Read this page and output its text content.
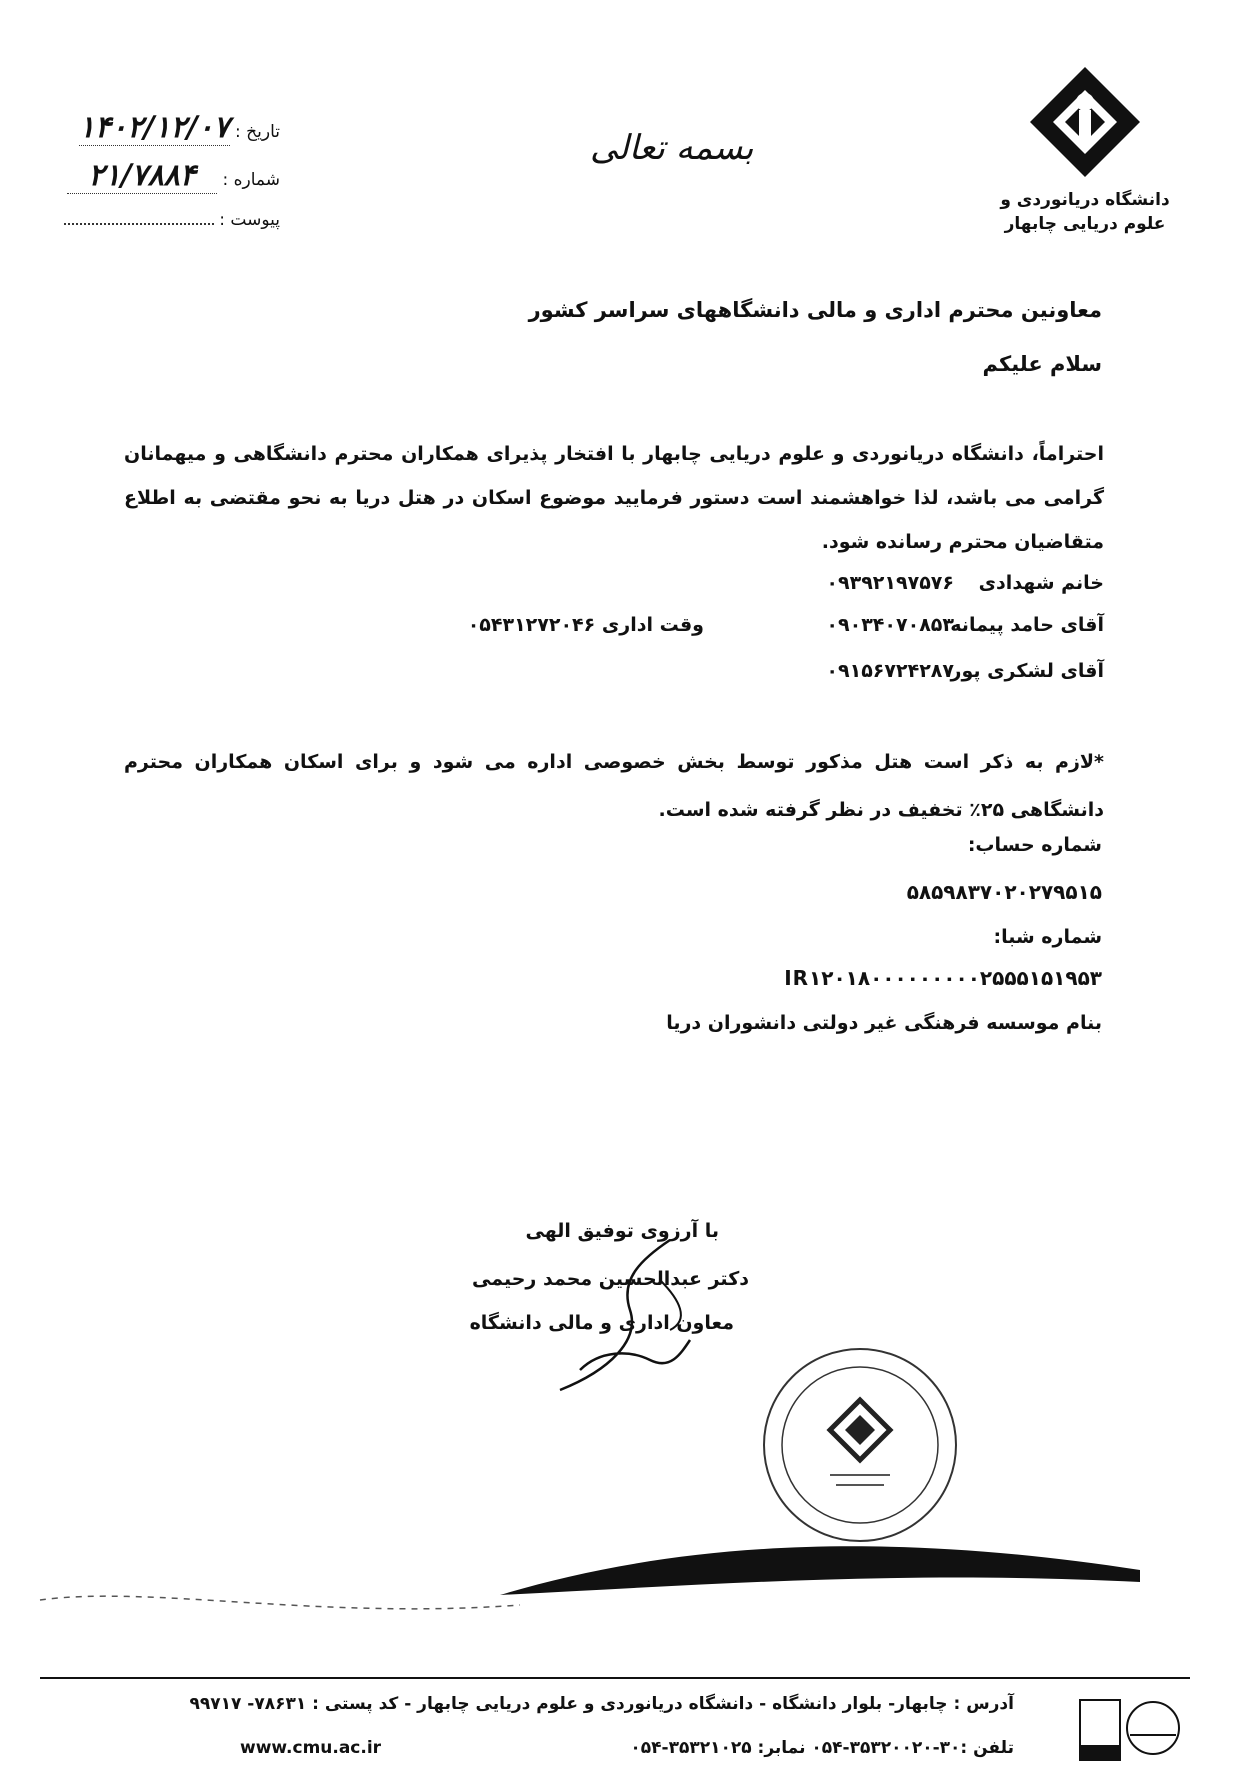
دانشگاه دریانوردی و
علوم دریایی چابهار
بسمه تعالی
تاریخ : ۱۴۰۲/۱۲/۰۷
شماره : ۲۱/۷۸۸۴
پیوست :
معاونین محترم اداری و مالی دانشگاههای سراسر کشور
سلام علیکم
احتراماً، دانشگاه دریانوردی و علوم دریایی چابهار با افتخار پذیرای همکاران محترم دانشگاهی و میهمانان گرامی می باشد، لذا خواهشمند است دستور فرمایید موضوع اسکان در هتل دریا به نحو مقتضی به اطلاع متقاضیان محترم رسانده شود.
خانم شهدادی
۰۹۳۹۲۱۹۷۵۷۶
آقای حامد پیمانه
۰۹۰۳۴۰۷۰۸۵۳
وقت اداری ۰۵۴۳۱۲۷۲۰۴۶
آقای لشکری پور
۰۹۱۵۶۷۲۴۲۸۷
*لازم به ذکر است هتل مذکور توسط بخش خصوصی اداره می شود و برای اسکان همکاران محترم دانشگاهی ۲۵٪ تخفیف در نظر گرفته شده است.
شماره حساب:
۵۸۵۹۸۳۷۰۲۰۲۷۹۵۱۵
شماره شبا:
IR۱۲۰۱۸۰۰۰۰۰۰۰۰۰۲۵۵۵۱۵۱۹۵۳
بنام موسسه فرهنگی غیر دولتی دانشوران دریا
با آرزوی توفیق الهی
دکتر عبدالحسین محمد رحیمی
معاون اداری و مالی دانشگاه
آدرس : چابهار- بلوار دانشگاه - دانشگاه دریانوردی و علوم دریایی چابهار - کد پستی : ۷۸۶۳۱- ۹۹۷۱۷
www.cmu.ac.ir	تلفن :۳۰-۳۵۳۲۰۰۲۰-۰۵۴ نمابر: ۳۵۳۲۱۰۲۵-۰۵۴
